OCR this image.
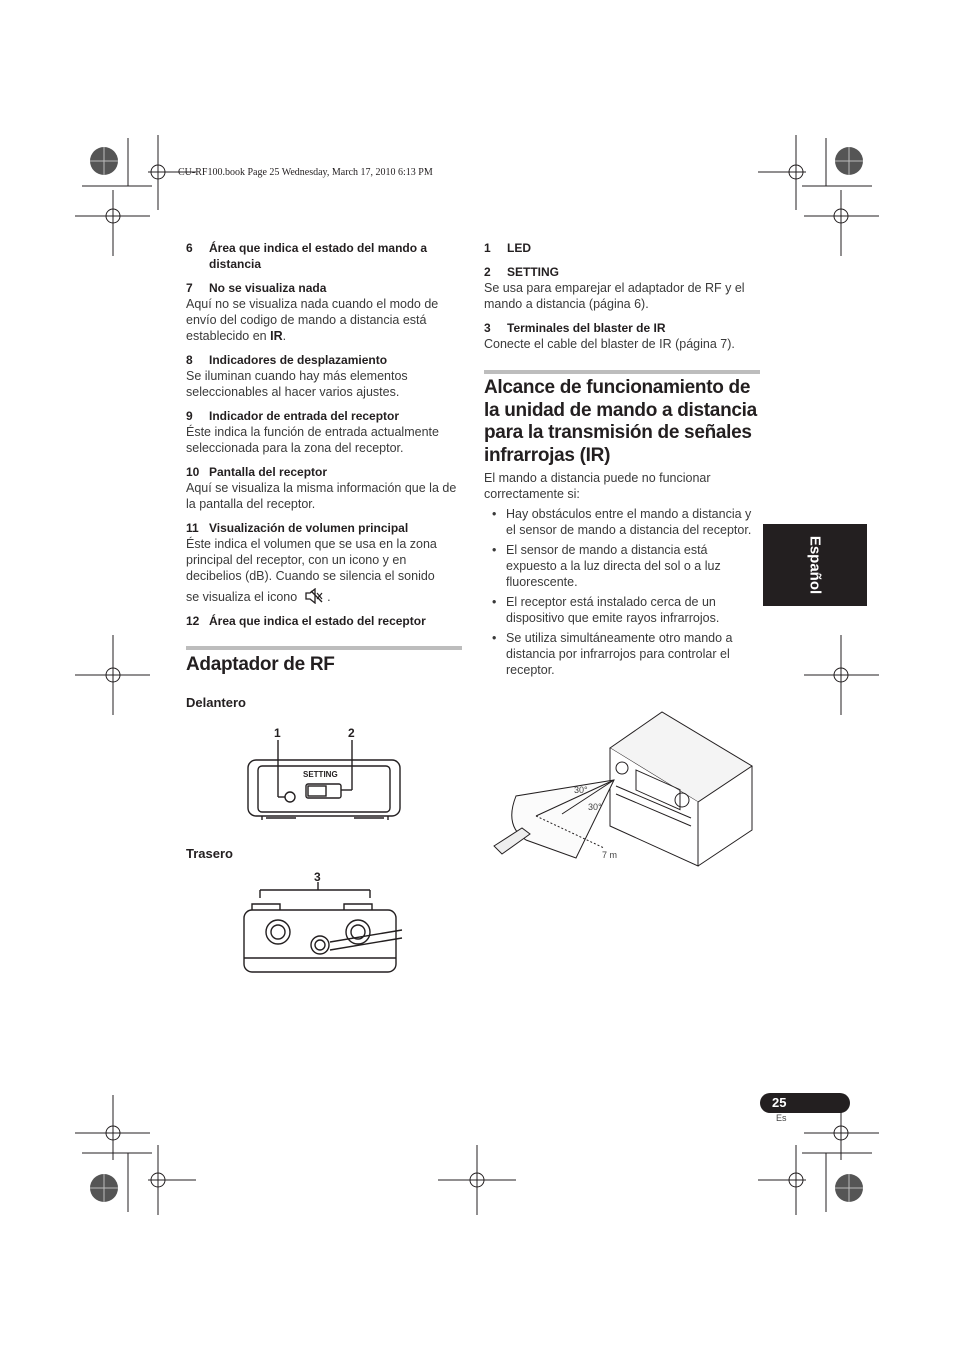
CU-RF100.book Page 25 Wednesday, March 17, 2010 6:13 PM
6	Área que indica el estado del mando a distancia
7	No se visualiza nada
Aquí no se visualiza nada cuando el modo de envío del codigo de mando a distancia está establecido en IR.
8	Indicadores de desplazamiento
Se iluminan cuando hay más elementos seleccionables al hacer varios ajustes.
9	Indicador de entrada del receptor
Éste indica la función de entrada actualmente seleccionada para la zona del receptor.
10 Pantalla del receptor
Aquí se visualiza la misma información que la de la pantalla del receptor.
11 Visualización de volumen principal
Éste indica el volumen que se usa en la zona principal del receptor, con un icono y en decibelios (dB). Cuando se silencia el sonido
se visualiza el icono .
12 Área que indica el estado del receptor
Adaptador de RF
Delantero
1	2
SETTING
Trasero
3
1	LED
2	SETTING
Se usa para emparejar el adaptador de RF y el mando a distancia (página 6).
3	Terminales del blaster de IR
Conecte el cable del blaster de IR (página 7).
Alcance de funcionamiento de la unidad de mando a distancia para la transmisión de señales infrarrojas (IR)
El mando a distancia puede no funcionar correctamente si:
• Hay obstáculos entre el mando a distancia y el sensor de mando a distancia del receptor.
• El sensor de mando a distancia está expuesto a la luz directa del sol o a luz fluorescente.
• El receptor está instalado cerca de un dispositivo que emite rayos infrarrojos.
• Se utiliza simultáneamente otro mando a distancia por infrarrojos para controlar el receptor.
30°
30°
7 m
Español
25
Es
